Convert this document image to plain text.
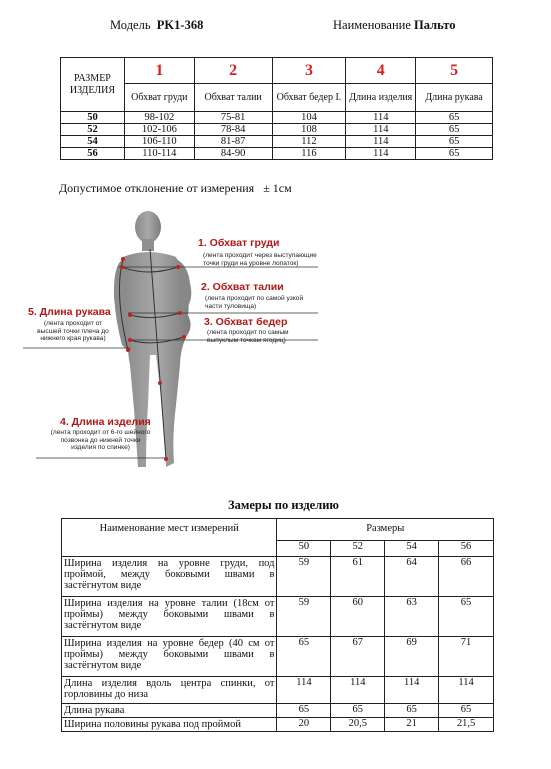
Модель PK1-368	Наименование Пальто
РАЗМЕР ИЗДЕЛИЯ	1	2	3	4	5
	Обхват груди	Обхват талии	Обхват бедер I.	Длина изделия	Длина рукава
50	98-102	75-81	104	114	65
52	102-106	78-84	108	114	65
54	106-110	81-87	112	114	65
56	110-114	84-90	116	114	65
Допустимое отклонение от измерения ± 1см
1. Обхват груди
(лента проходит через выступающие точки груди на уровне лопаток)
2. Обхват талии
(лента проходит по самой узкой части туловища)
3. Обхват бедер
(лента проходит по самым выпуклым точкам ягодиц)
5. Длина рукава
(лента проходит от высшей точки плеча до нижнего края рукава)
4. Длина изделия
(лента проходит от 6-го шейного позвонка до нижней точки изделия по спинке)
Замеры по изделию
Наименование мест измерений	Размеры			
	50	52	54	56
Ширина изделия на уровне груди, под проймой, между боковыми швами в застёгнутом виде	59	61	64	66
Ширина изделия на уровне талии (18см от проймы) между боковыми швами в застёгнутом виде	59	60	63	65
Ширина изделия на уровне бедер (40 см от проймы) между боковыми швами в застёгнутом виде	65	67	69	71
Длина изделия вдоль центра спинки, от горловины до низа	114	114	114	114
Длина рукава	65	65	65	65
Ширина половины рукава под проймой	20	20,5	21	21,5
